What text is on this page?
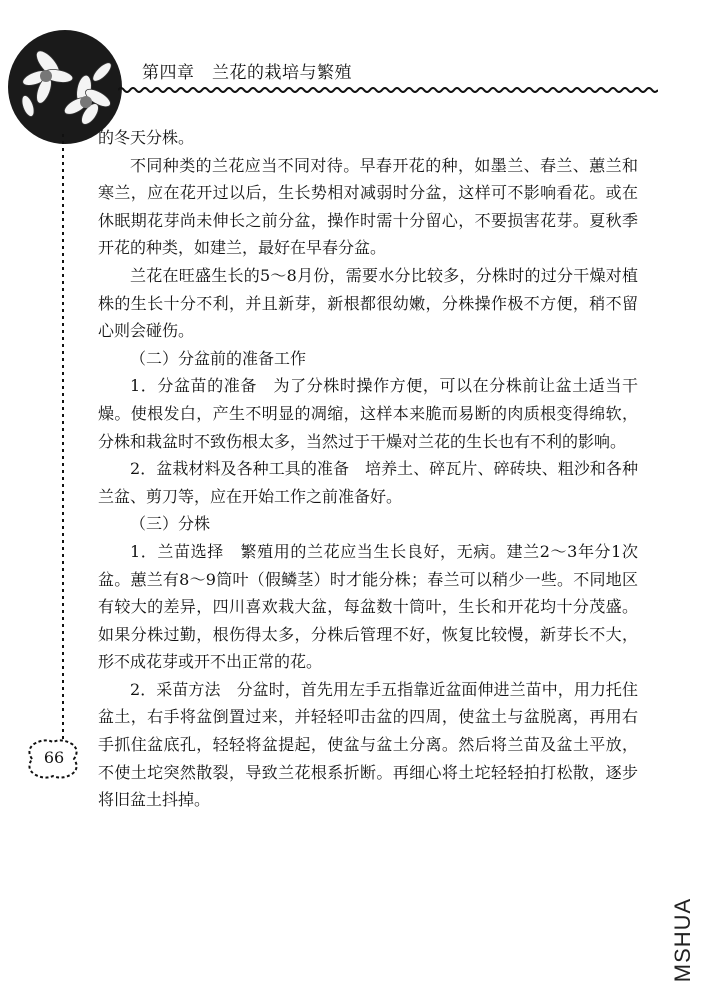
第四章　兰花的栽培与繁殖
66

的冬天分株。

不同种类的兰花应当不同对待。早春开花的种，如墨兰、春兰、蕙兰和寒兰，应在花开过以后，生长势相对减弱时分盆，这样可不影响看花。或在休眠期花芽尚未伸长之前分盆，操作时需十分留心，不要损害花芽。夏秋季开花的种类，如建兰，最好在早春分盆。

兰花在旺盛生长的5～8月份，需要水分比较多，分株时的过分干燥对植株的生长十分不利，并且新芽，新根都很幼嫩，分株操作极不方便，稍不留心则会碰伤。

（二）分盆前的准备工作

1．分盆苗的准备　为了分株时操作方便，可以在分株前让盆土适当干燥。使根发白，产生不明显的凋缩，这样本来脆而易断的肉质根变得绵软，分株和栽盆时不致伤根太多，当然过于干燥对兰花的生长也有不利的影响。

2．盆栽材料及各种工具的准备　培养土、碎瓦片、碎砖块、粗沙和各种兰盆、剪刀等，应在开始工作之前准备好。

（三）分株

1．兰苗选择　繁殖用的兰花应当生长良好，无病。建兰2～3年分1次盆。蕙兰有8～9筒叶（假鳞茎）时才能分株；春兰可以稍少一些。不同地区有较大的差异，四川喜欢栽大盆，每盆数十筒叶，生长和开花均十分茂盛。如果分株过勤，根伤得太多，分株后管理不好，恢复比较慢，新芽长不大，形不成花芽或开不出正常的花。

2．采苗方法　分盆时，首先用左手五指靠近盆面伸进兰苗中，用力托住盆土，右手将盆倒置过来，并轻轻叩击盆的四周，使盆土与盆脱离，再用右手抓住盆底孔，轻轻将盆提起，使盆与盆土分离。然后将兰苗及盆土平放，不使土坨突然散裂，导致兰花根系折断。再细心将土坨轻轻拍打松散，逐步将旧盆土抖掉。

MSHUA
